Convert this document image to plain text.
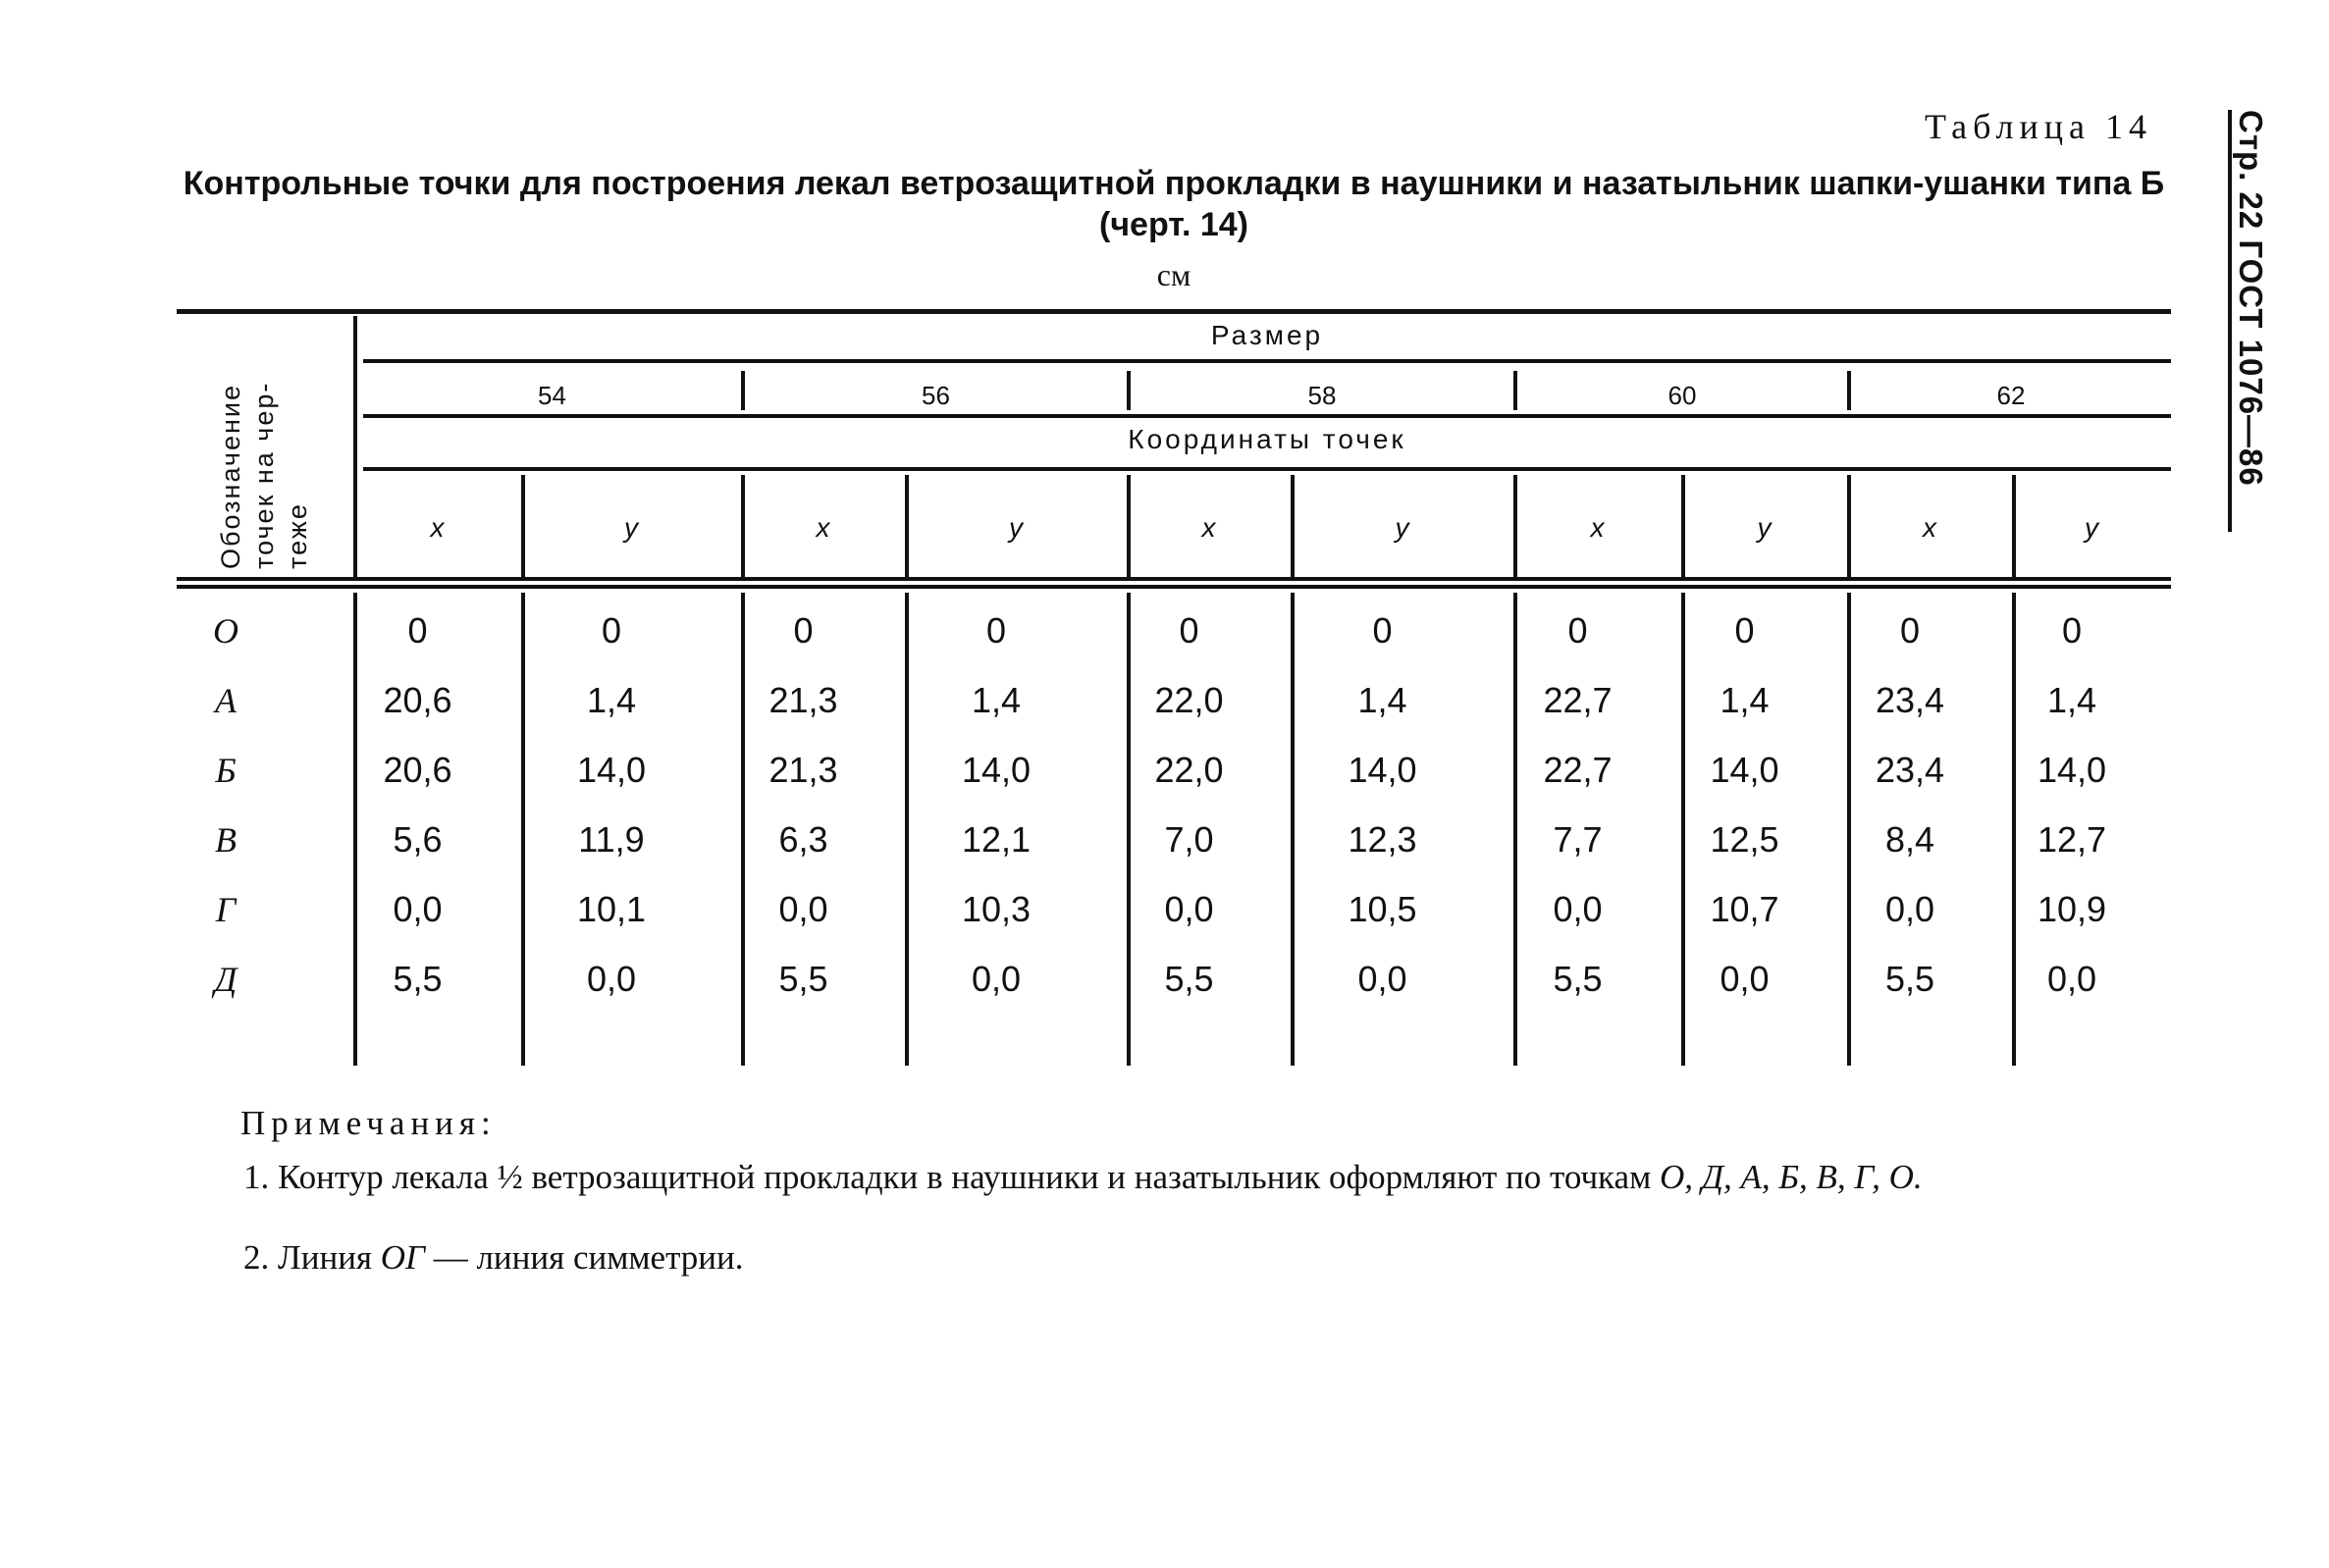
Стр. 22 ГОСТ 1076—86
Таблица 14
Контрольные точки для построения лекал ветрозащитной прокладки в наушники и назатыльник шапки-ушанки типа Б
(черт. 14)
см
Обозначение точек на чер-теже
Размер
Координаты точек
54	56	58	60	62
x	y	x	y	x	y	x	y	x	y
О	0	0	0	0	0	0	0	0	0	0
А	20,6	1,4	21,3	1,4	22,0	1,4	22,7	1,4	23,4	1,4
Б	20,6	14,0	21,3	14,0	22,0	14,0	22,7	14,0	23,4	14,0
В	5,6	11,9	6,3	12,1	7,0	12,3	7,7	12,5	8,4	12,7
Г	0,0	10,1	0,0	10,3	0,0	10,5	0,0	10,7	0,0	10,9
Д	5,5	0,0	5,5	0,0	5,5	0,0	5,5	0,0	5,5	0,0
Примечания:
1. Контур лекала ½ ветрозащитной прокладки в наушники и назатыльник оформляют по точкам О, Д, А, Б, В, Г, О.
2. Линия ОГ — линия симметрии.
